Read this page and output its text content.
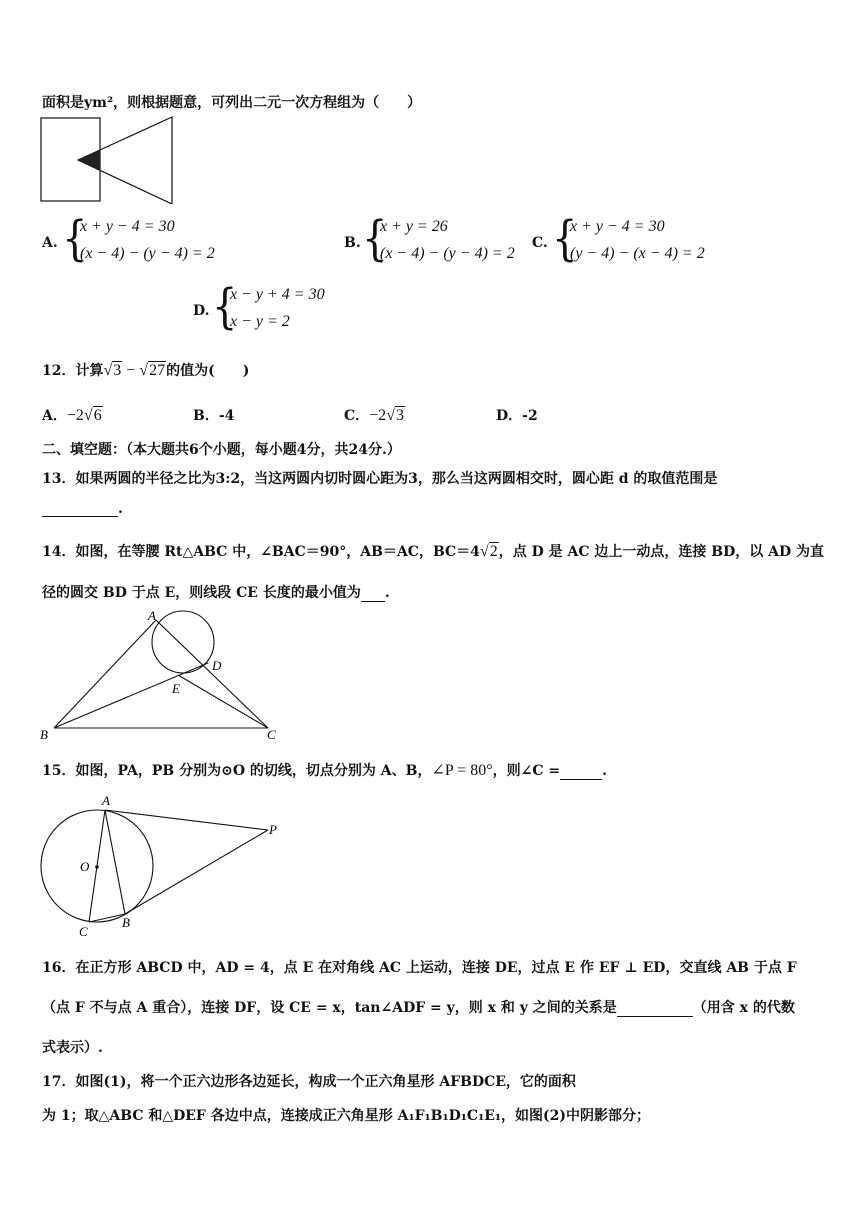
面积是ym²，则根据题意，可列出二元一次方程组为（　　）
A. {
x + y − 4 = 30
(x − 4) − (y − 4) = 2
B. {
x + y = 26
(x − 4) − (y − 4) = 2
C. {
x + y − 4 = 30
(y − 4) − (x − 4) = 2
D. {
x − y + 4 = 30
x − y = 2
12．计算√3 − √27的值为(　　)
A．−2√6	B．-4	C．−2√3	D．-2
二、填空题：（本大题共6个小题，每小题4分，共24分.）
13．如果两圆的半径之比为3:2，当这两圆内切时圆心距为3，那么当这两圆相交时，圆心距 d 的取值范围是
.
14．如图，在等腰 Rt△ABC 中，∠BAC＝90°，AB＝AC，BC＝4√2，点 D 是 AC 边上一动点，连接 BD，以 AD 为直
径的圆交 BD 于点 E，则线段 CE 长度的最小值为 .
A
B	C
D
E
15．如图，PA，PB 分别为⊙O 的切线，切点分别为 A、B，∠P = 80°，则∠C =	.
A
B
C
O
P
16．在正方形 ABCD 中，AD = 4，点 E 在对角线 AC 上运动，连接 DE，过点 E 作 EF ⊥ ED，交直线 AB 于点 F
（点 F 不与点 A 重合），连接 DF，设 CE = x，tan∠ADF = y，则 x 和 y 之间的关系是	（用含 x 的代数
式表示）.
17．如图(1)，将一个正六边形各边延长，构成一个正六角星形 AFBDCE，它的面积
为 1；取△ABC 和△DEF 各边中点，连接成正六角星形 A₁F₁B₁D₁C₁E₁，如图(2)中阴影部分；
